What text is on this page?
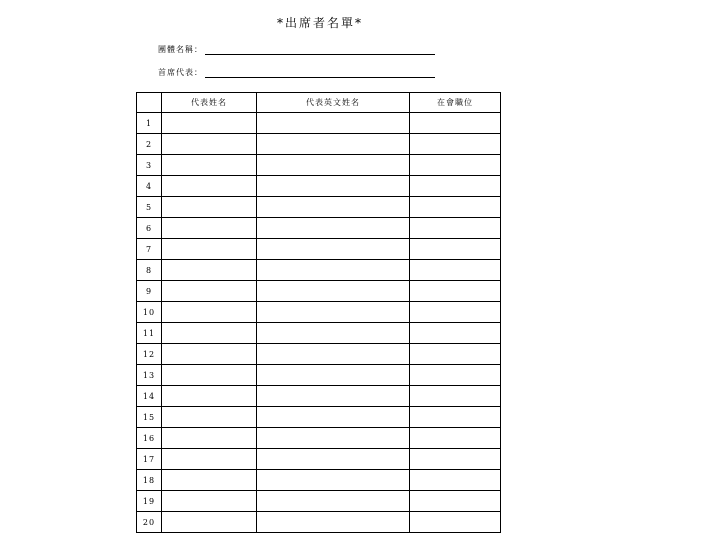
*出席者名單*
團體名稱：
首席代表：
	代表姓名	代表英文姓名	在會職位
1			
2			
3			
4			
5			
6			
7			
8			
9			
10			
11			
12			
13			
14			
15			
16			
17			
18			
19			
20			
